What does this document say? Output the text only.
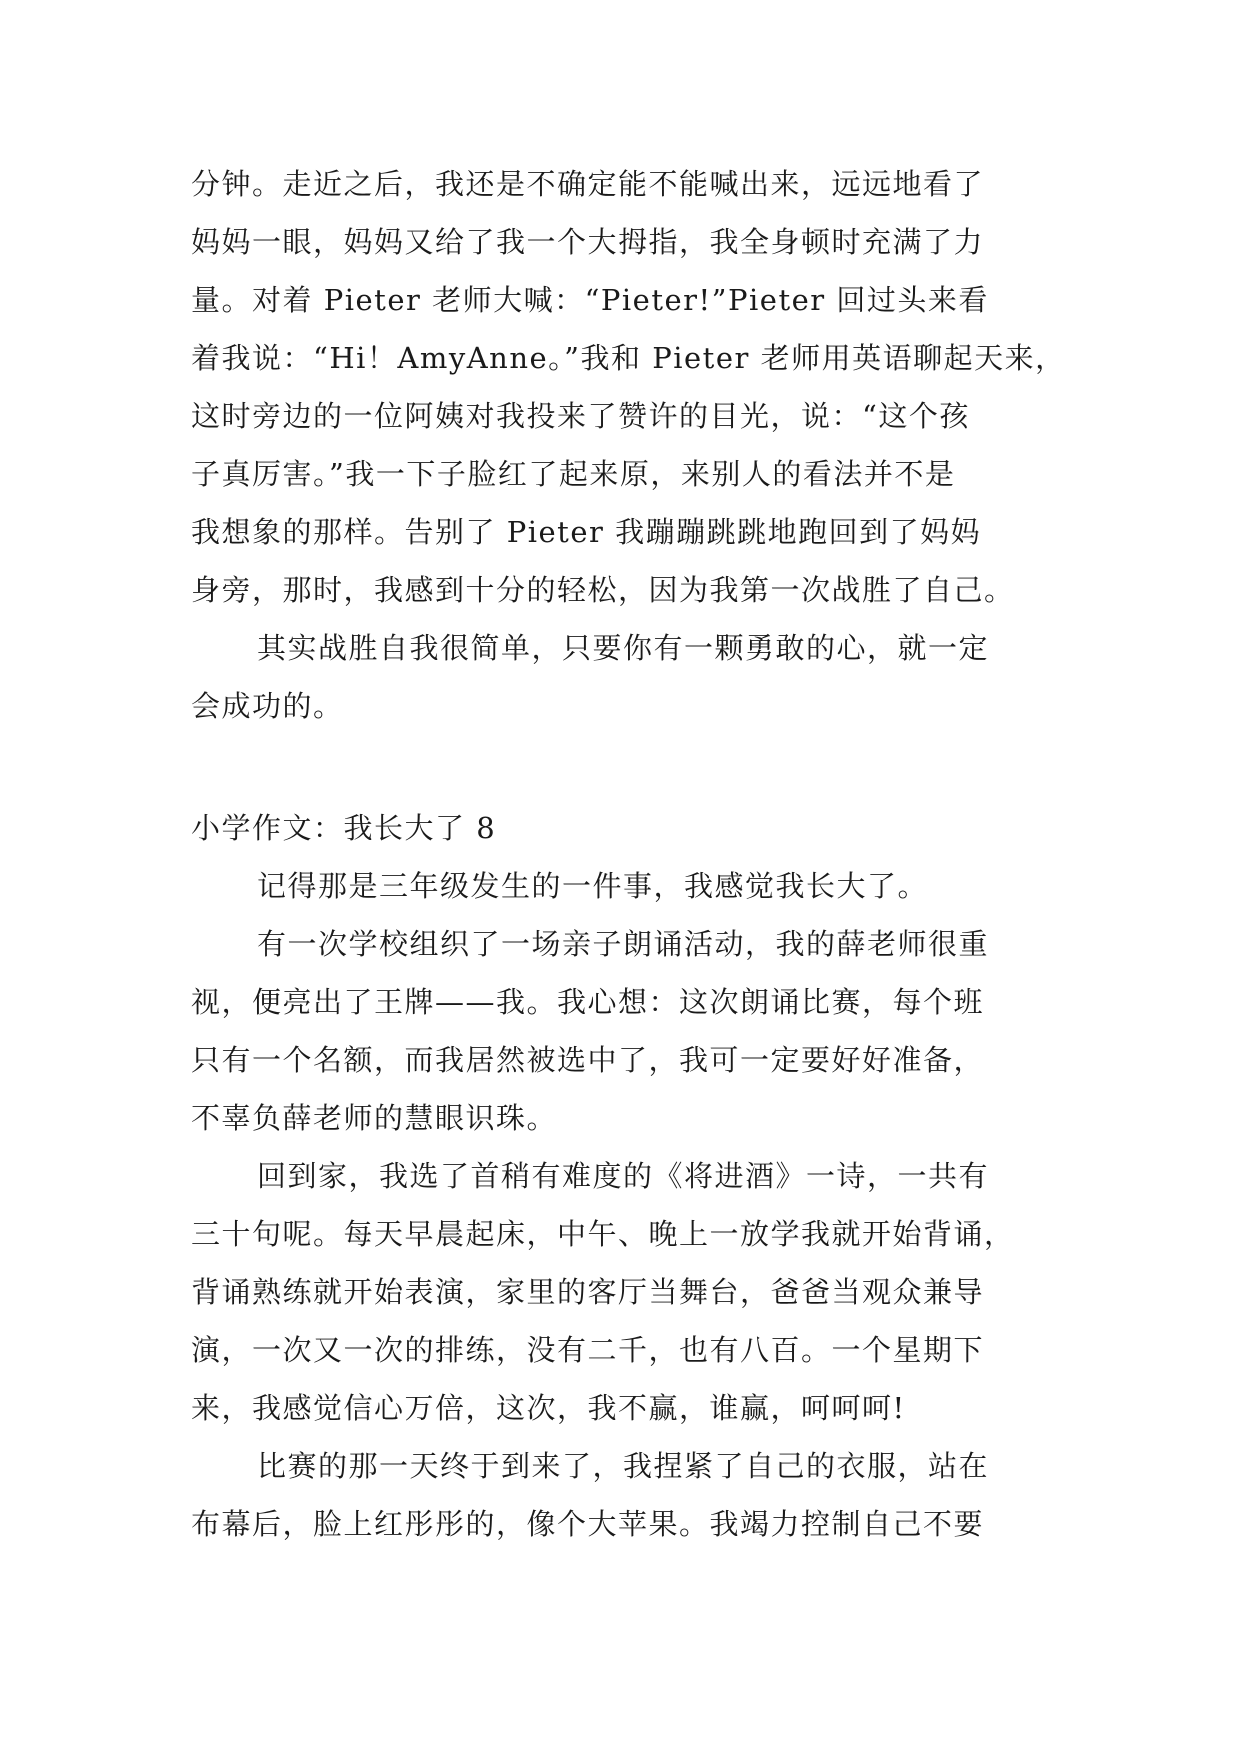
分钟。走近之后，我还是不确定能不能喊出来，远远地看了
妈妈一眼，妈妈又给了我一个大拇指，我全身顿时充满了力
量。对着 Pieter 老师大喊：“Pieter!”Pieter 回过头来看
着我说：“Hi！AmyAnne。”我和 Pieter 老师用英语聊起天来，
这时旁边的一位阿姨对我投来了赞许的目光，说：“这个孩
子真厉害。”我一下子脸红了起来原，来别人的看法并不是
我想象的那样。告别了 Pieter 我蹦蹦跳跳地跑回到了妈妈
身旁，那时，我感到十分的轻松，因为我第一次战胜了自己。
其实战胜自我很简单，只要你有一颗勇敢的心，就一定
会成功的。
小学作文：我长大了 8
记得那是三年级发生的一件事，我感觉我长大了。
有一次学校组织了一场亲子朗诵活动，我的薛老师很重
视，便亮出了王牌——我。我心想：这次朗诵比赛，每个班
只有一个名额，而我居然被选中了，我可一定要好好准备，
不辜负薛老师的慧眼识珠。
回到家，我选了首稍有难度的《将进酒》一诗，一共有
三十句呢。每天早晨起床，中午、晚上一放学我就开始背诵，
背诵熟练就开始表演，家里的客厅当舞台，爸爸当观众兼导
演，一次又一次的排练，没有二千，也有八百。一个星期下
来，我感觉信心万倍，这次，我不赢，谁赢，呵呵呵!
比赛的那一天终于到来了，我捏紧了自己的衣服，站在
布幕后，脸上红彤彤的，像个大苹果。我竭力控制自己不要
